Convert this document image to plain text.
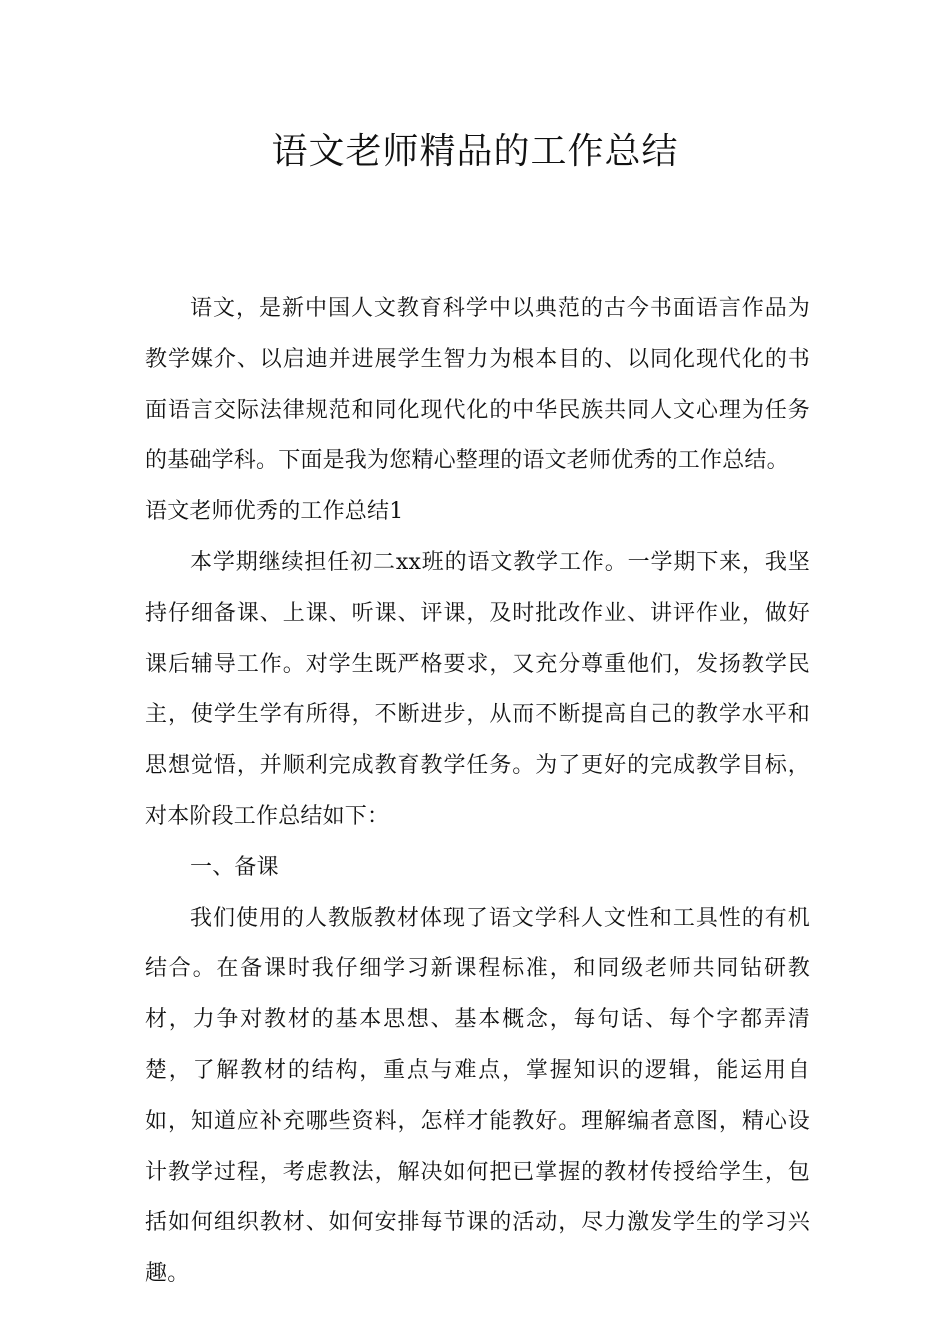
语文老师精品的工作总结

语文，是新中国人文教育科学中以典范的古今书面语言作品为教学媒介、以启迪并进展学生智力为根本目的、以同化现代化的书面语言交际法律规范和同化现代化的中华民族共同人文心理为任务的基础学科。下面是我为您精心整理的语文老师优秀的工作总结。

语文老师优秀的工作总结1

本学期继续担任初二xx班的语文教学工作。一学期下来，我坚持仔细备课、上课、听课、评课，及时批改作业、讲评作业，做好课后辅导工作。对学生既严格要求，又充分尊重他们，发扬教学民主，使学生学有所得，不断进步，从而不断提高自己的教学水平和思想觉悟，并顺利完成教育教学任务。为了更好的完成教学目标，对本阶段工作总结如下：

一、备课

我们使用的人教版教材体现了语文学科人文性和工具性的有机结合。在备课时我仔细学习新课程标准，和同级老师共同钻研教材，力争对教材的基本思想、基本概念，每句话、每个字都弄清楚，了解教材的结构，重点与难点，掌握知识的逻辑，能运用自如，知道应补充哪些资料，怎样才能教好。理解编者意图，精心设计教学过程，考虑教法，解决如何把已掌握的教材传授给学生，包括如何组织教材、如何安排每节课的活动，尽力激发学生的学习兴趣。
